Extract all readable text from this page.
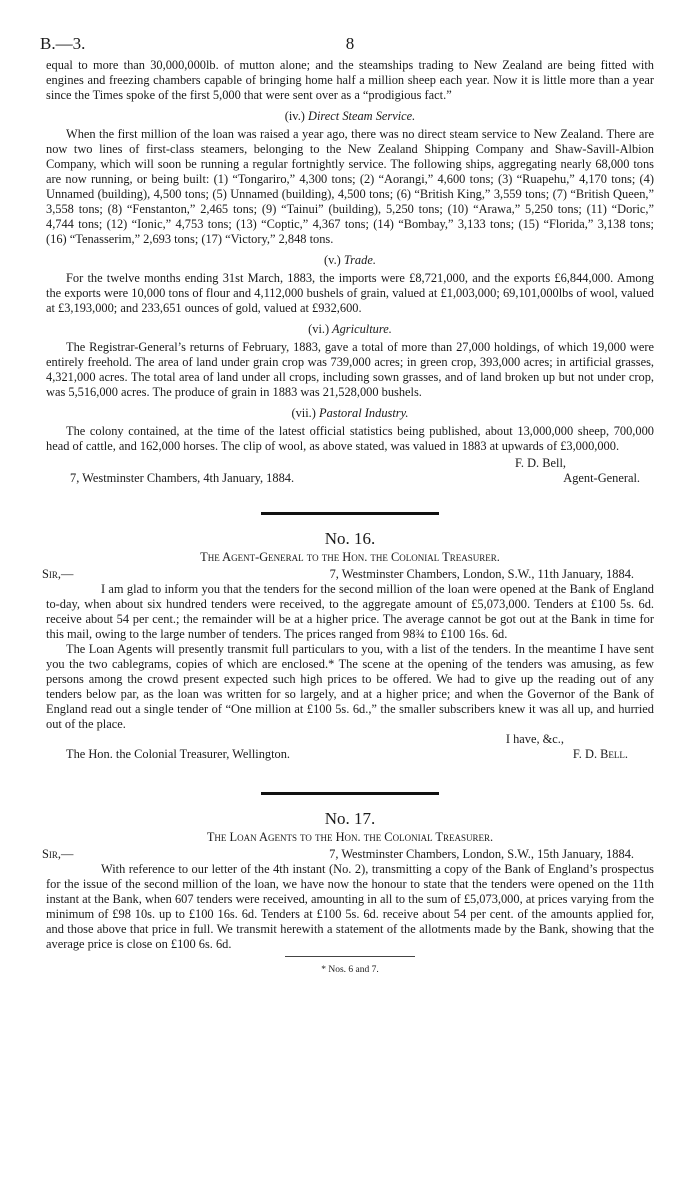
B.—3.	8

equal to more than 30,000,000lb. of mutton alone; and the steamships trading to New Zealand are being fitted with engines and freezing chambers capable of bringing home half a million sheep each year. Now it is little more than a year since the Times spoke of the first 5,000 that were sent over as a “prodigious fact.”

(iv.) Direct Steam Service.

When the first million of the loan was raised a year ago, there was no direct steam service to New Zealand. There are now two lines of first-class steamers, belonging to the New Zealand Shipping Company and Shaw-Savill-Albion Company, which will soon be running a regular fortnightly service. The following ships, aggregating nearly 68,000 tons are now running, or being built: (1) “Tongariro,” 4,300 tons; (2) “Aorangi,” 4,600 tons; (3) “Ruapehu,” 4,170 tons; (4) Unnamed (building), 4,500 tons; (5) Unnamed (building), 4,500 tons; (6) “British King,” 3,559 tons; (7) “British Queen,” 3,558 tons; (8) “Fenstanton,” 2,465 tons; (9) “Tainui” (building), 5,250 tons; (10) “Arawa,” 5,250 tons; (11) “Doric,” 4,744 tons; (12) “Ionic,” 4,753 tons; (13) “Coptic,” 4,367 tons; (14) “Bombay,” 3,133 tons; (15) “Florida,” 3,138 tons; (16) “Tenasserim,” 2,693 tons; (17) “Victory,” 2,848 tons.

(v.) Trade.

For the twelve months ending 31st March, 1883, the imports were £8,721,000, and the exports £6,844,000. Among the exports were 10,000 tons of flour and 4,112,000 bushels of grain, valued at £1,003,000; 69,101,000lbs of wool, valued at £3,193,000; and 233,651 ounces of gold, valued at £932,600.

(vi.) Agriculture.

The Registrar-General’s returns of February, 1883, gave a total of more than 27,000 holdings, of which 19,000 were entirely freehold. The area of land under grain crop was 739,000 acres; in green crop, 393,000 acres; in artificial grasses, 4,321,000 acres. The total area of land under all crops, including sown grasses, and of land broken up but not under crop, was 5,516,000 acres. The produce of grain in 1883 was 21,528,000 bushels.

(vii.) Pastoral Industry.

The colony contained, at the time of the latest official statistics being published, about 13,000,000 sheep, 700,000 head of cattle, and 162,000 horses. The clip of wool, as above stated, was valued in 1883 at upwards of £3,000,000.

F. D. Bell,
7, Westminster Chambers, 4th January, 1884.	Agent-General.
No. 16.
The Agent-General to the Hon. the Colonial Treasurer.
Sir,—	7, Westminster Chambers, London, S.W., 11th January, 1884.

I am glad to inform you that the tenders for the second million of the loan were opened at the Bank of England to-day, when about six hundred tenders were received, to the aggregate amount of £5,073,000. Tenders at £100 5s. 6d. receive about 54 per cent.; the remainder will be at a higher price. The average cannot be got out at the Bank in time for this mail, owing to the large number of tenders. The prices ranged from 98¾ to £100 16s. 6d.

The Loan Agents will presently transmit full particulars to you, with a list of the tenders. In the meantime I have sent you the two cablegrams, copies of which are enclosed.* The scene at the opening of the tenders was amusing, as few persons among the crowd present expected such high prices to be offered. We had to give up the reading out of any tenders below par, as the loan was written for so largely, and at a higher price; and when the Governor of the Bank of England read out a single tender of “One million at £100 5s. 6d.,” the smaller subscribers knew it was all up, and hurried out of the place.

I have, &c.,
The Hon. the Colonial Treasurer, Wellington.	F. D. Bell.
No. 17.
The Loan Agents to the Hon. the Colonial Treasurer.
Sir,—	7, Westminster Chambers, London, S.W., 15th January, 1884.

With reference to our letter of the 4th instant (No. 2), transmitting a copy of the Bank of England’s prospectus for the issue of the second million of the loan, we have now the honour to state that the tenders were opened on the 11th instant at the Bank, when 607 tenders were received, amounting in all to the sum of £5,073,000, at prices varying from the minimum of £98 10s. up to £100 16s. 6d. Tenders at £100 5s. 6d. receive about 54 per cent. of the amounts applied for, and those above that price in full. We transmit herewith a statement of the allotments made by the Bank, showing that the average price is close on £100 6s. 6d.

* Nos. 6 and 7.
